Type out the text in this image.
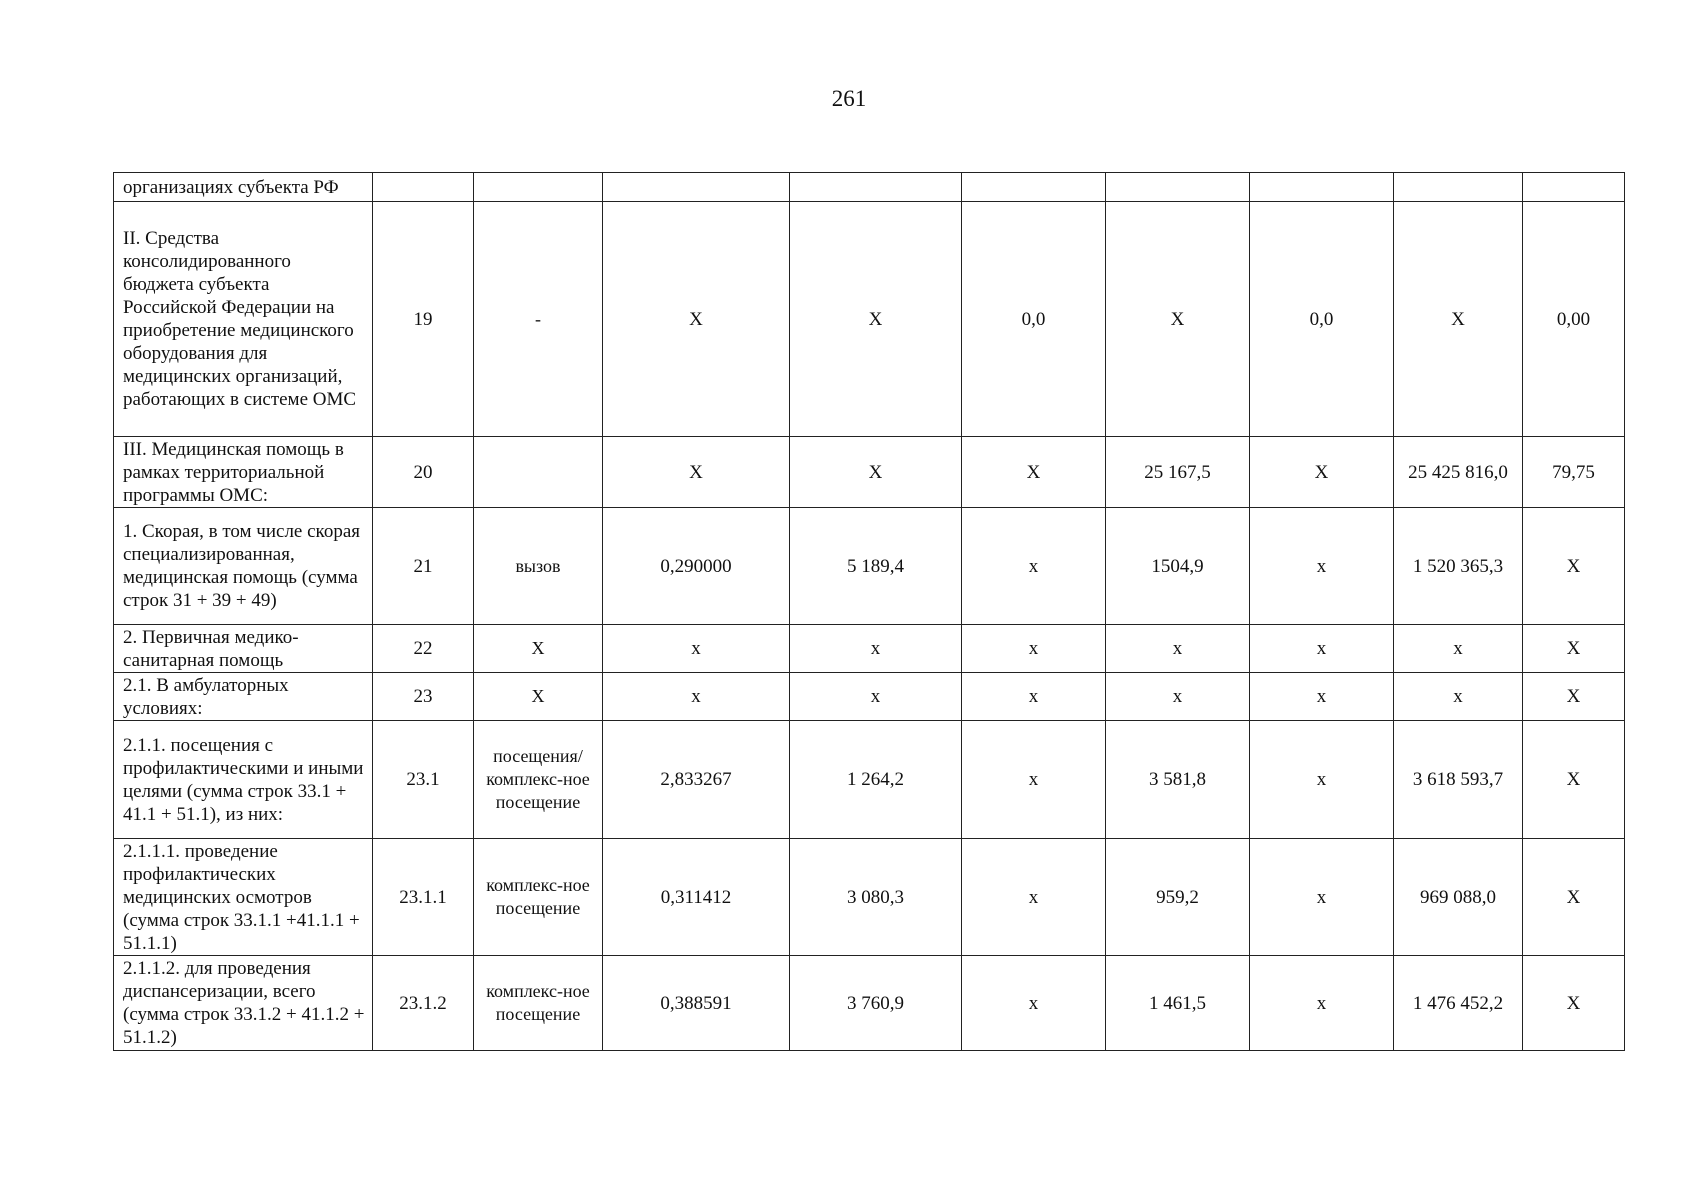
261
организациях субъекта РФ									
II. Средства консолидированного бюджета субъекта Российской Федерации на приобретение медицинского оборудования для медицинских организаций, работающих в системе ОМС	19	-	X	X	0,0	X	0,0	X	0,00
III. Медицинская помощь в рамках территориальной программы ОМС:	20		X	X	X	25 167,5	X	25 425 816,0	79,75
1. Скорая, в том числе скорая специализированная, медицинская помощь (сумма строк 31 + 39 + 49)	21	вызов	0,290000	5 189,4	х	1504,9	х	1 520 365,3	X
2. Первичная медико-санитарная помощь	22	Х	х	х	х	х	х	х	X
2.1. В амбулаторных условиях:	23	Х	х	х	х	х	х	х	X
2.1.1. посещения с профилактическими и иными целями (сумма строк 33.1 + 41.1 + 51.1), из них:	23.1	посещения/ комплекс-ное посещение	2,833267	1 264,2	х	3 581,8	х	3 618 593,7	X
2.1.1.1. проведение профилактических медицинских осмотров (сумма строк 33.1.1 +41.1.1 + 51.1.1)	23.1.1	комплекс-ное посещение	0,311412	3 080,3	х	959,2	х	969 088,0	X
2.1.1.2. для проведения диспансеризации, всего (сумма строк 33.1.2 + 41.1.2 + 51.1.2)	23.1.2	комплекс-ное посещение	0,388591	3 760,9	х	1 461,5	х	1 476 452,2	X
